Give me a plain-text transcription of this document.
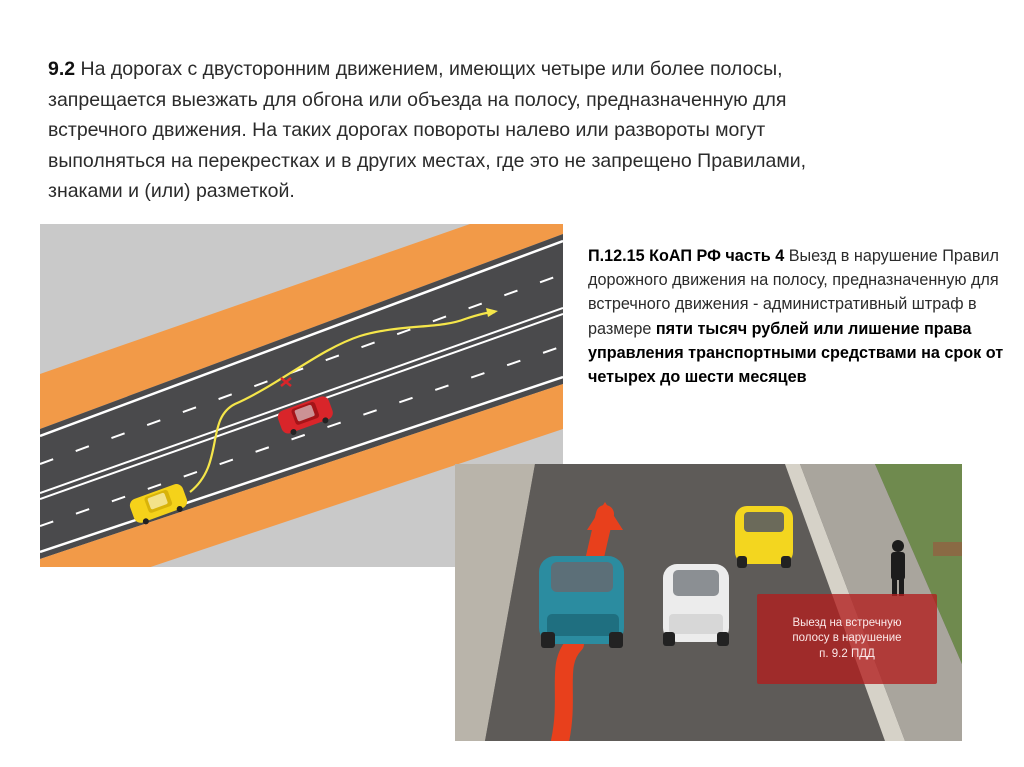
9.2 На дорогах с двусторонним движением, имеющих четыре или более полосы, запрещается выезжать для обгона или объезда на полосу, предназначенную для встречного движения. На таких дорогах повороты налево или развороты могут выполняться на перекрестках и в других местах, где это не запрещено Правилами, знаками и (или) разметкой.
П.12.15 КоАП РФ часть 4 Выезд в нарушение Правил дорожного движения на полосу, предназначенную для встречного движения - административный штраф в размере пяти тысяч рублей или лишение права управления транспортными средствами на срок от четырех до шести месяцев
Выезд на встречную
полосу в нарушение
п. 9.2 ПДД
